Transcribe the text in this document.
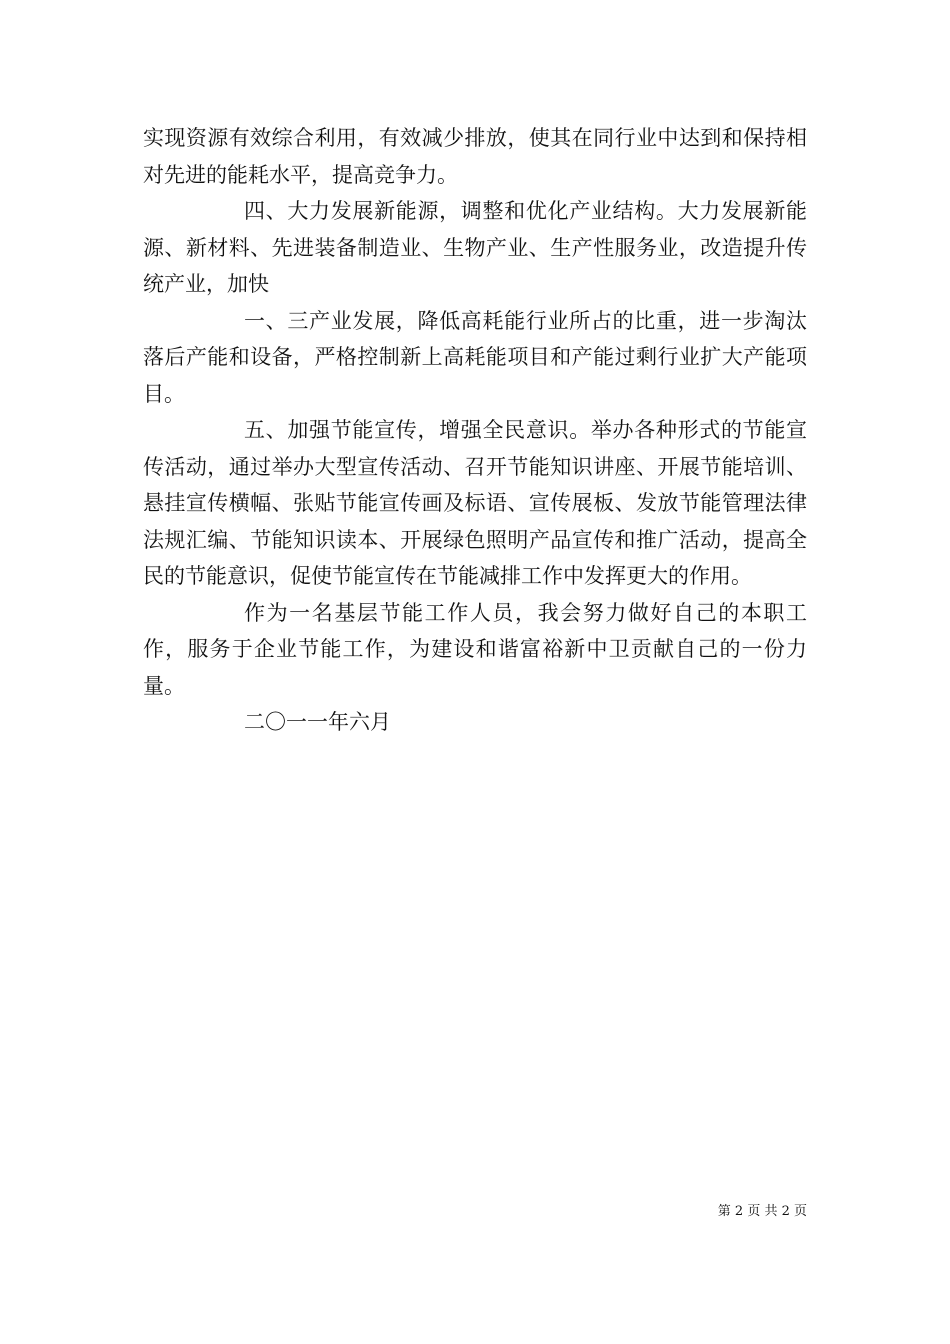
实现资源有效综合利用，有效减少排放，使其在同行业中达到和保持相对先进的能耗水平，提高竞争力。

四、大力发展新能源，调整和优化产业结构。大力发展新能源、新材料、先进装备制造业、生物产业、生产性服务业，改造提升传统产业，加快

一、三产业发展，降低高耗能行业所占的比重，进一步淘汰落后产能和设备，严格控制新上高耗能项目和产能过剩行业扩大产能项目。

五、加强节能宣传，增强全民意识。举办各种形式的节能宣传活动，通过举办大型宣传活动、召开节能知识讲座、开展节能培训、悬挂宣传横幅、张贴节能宣传画及标语、宣传展板、发放节能管理法律法规汇编、节能知识读本、开展绿色照明产品宣传和推广活动，提高全民的节能意识，促使节能宣传在节能减排工作中发挥更大的作用。

作为一名基层节能工作人员，我会努力做好自己的本职工作，服务于企业节能工作，为建设和谐富裕新中卫贡献自己的一份力量。

二〇一一年六月

第 2 页 共 2 页
